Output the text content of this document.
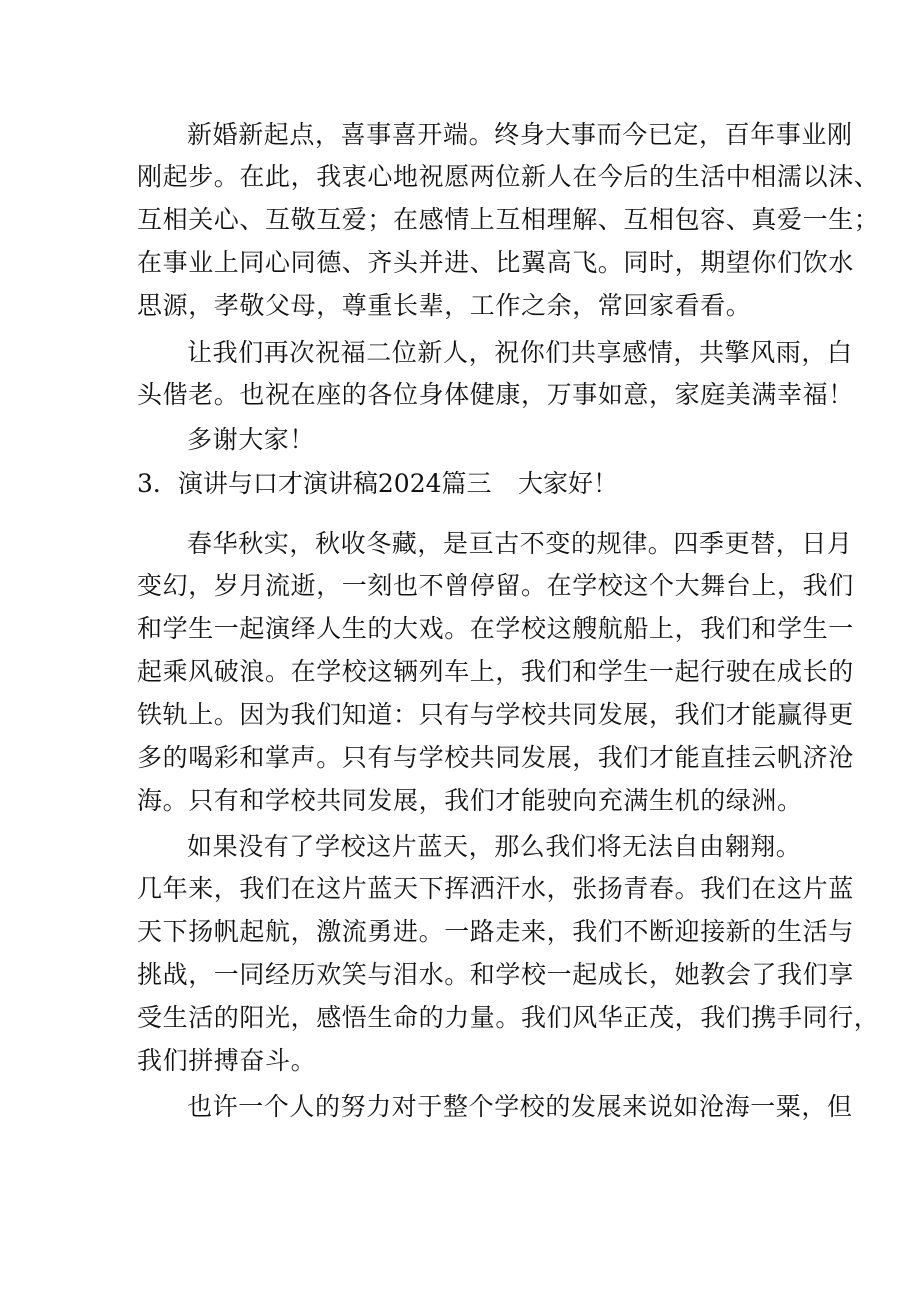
新婚新起点，喜事喜开端。终身大事而今已定，百年事业刚
刚起步。在此，我衷心地祝愿两位新人在今后的生活中相濡以沫、
互相关心、互敬互爱；在感情上互相理解、互相包容、真爱一生；
在事业上同心同德、齐头并进、比翼高飞。同时，期望你们饮水
思源，孝敬父母，尊重长辈，工作之余，常回家看看。
让我们再次祝福二位新人，祝你们共享感情，共擎风雨，白
头偕老。也祝在座的各位身体健康，万事如意，家庭美满幸福！
多谢大家！
3．演讲与口才演讲稿2024篇三 大家好！
春华秋实，秋收冬藏，是亘古不变的规律。四季更替，日月
变幻，岁月流逝，一刻也不曾停留。在学校这个大舞台上，我们
和学生一起演绎人生的大戏。在学校这艘航船上，我们和学生一
起乘风破浪。在学校这辆列车上，我们和学生一起行驶在成长的
铁轨上。因为我们知道：只有与学校共同发展，我们才能赢得更
多的喝彩和掌声。只有与学校共同发展，我们才能直挂云帆济沧
海。只有和学校共同发展，我们才能驶向充满生机的绿洲。
如果没有了学校这片蓝天，那么我们将无法自由翱翔。
几年来，我们在这片蓝天下挥洒汗水，张扬青春。我们在这片蓝
天下扬帆起航，激流勇进。一路走来，我们不断迎接新的生活与
挑战，一同经历欢笑与泪水。和学校一起成长，她教会了我们享
受生活的阳光，感悟生命的力量。我们风华正茂，我们携手同行，
我们拼搏奋斗。
也许一个人的努力对于整个学校的发展来说如沧海一粟，但
